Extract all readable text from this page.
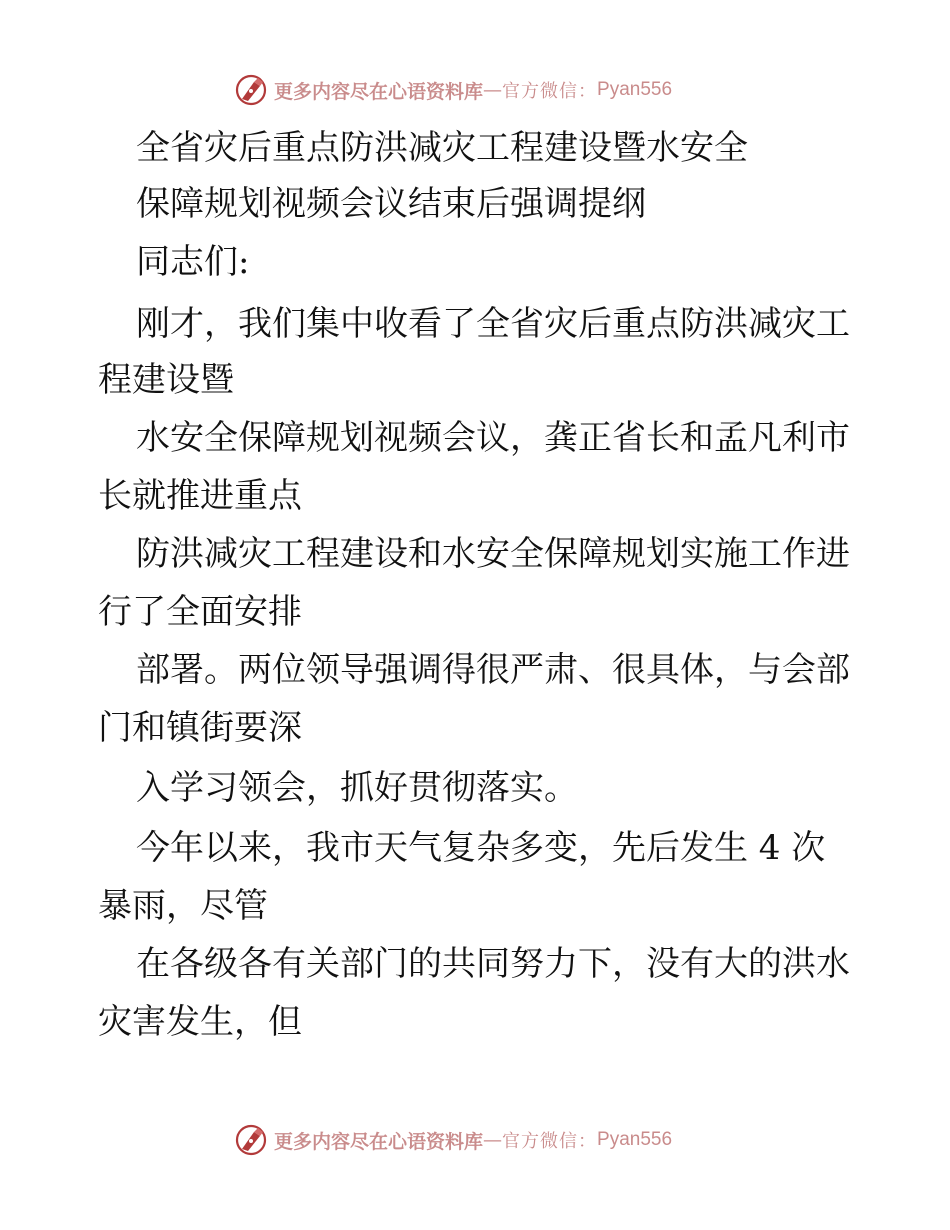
更多内容尽在心语资料库 — 官方微信： Pyan556
全省灾后重点防洪减灾工程建设暨水安全
保障规划视频会议结束后强调提纲
同志们:
刚才，我们集中收看了全省灾后重点防洪减灾工
程建设暨
水安全保障规划视频会议，龚正省长和孟凡利市
长就推进重点
防洪减灾工程建设和水安全保障规划实施工作进
行了全面安排
部署。两位领导强调得很严肃、很具体，与会部
门和镇街要深
入学习领会，抓好贯彻落实。
今年以来，我市天气复杂多变，先后发生 4 次
暴雨，尽管
在各级各有关部门的共同努力下，没有大的洪水
灾害发生，但
更多内容尽在心语资料库 — 官方微信： Pyan556
